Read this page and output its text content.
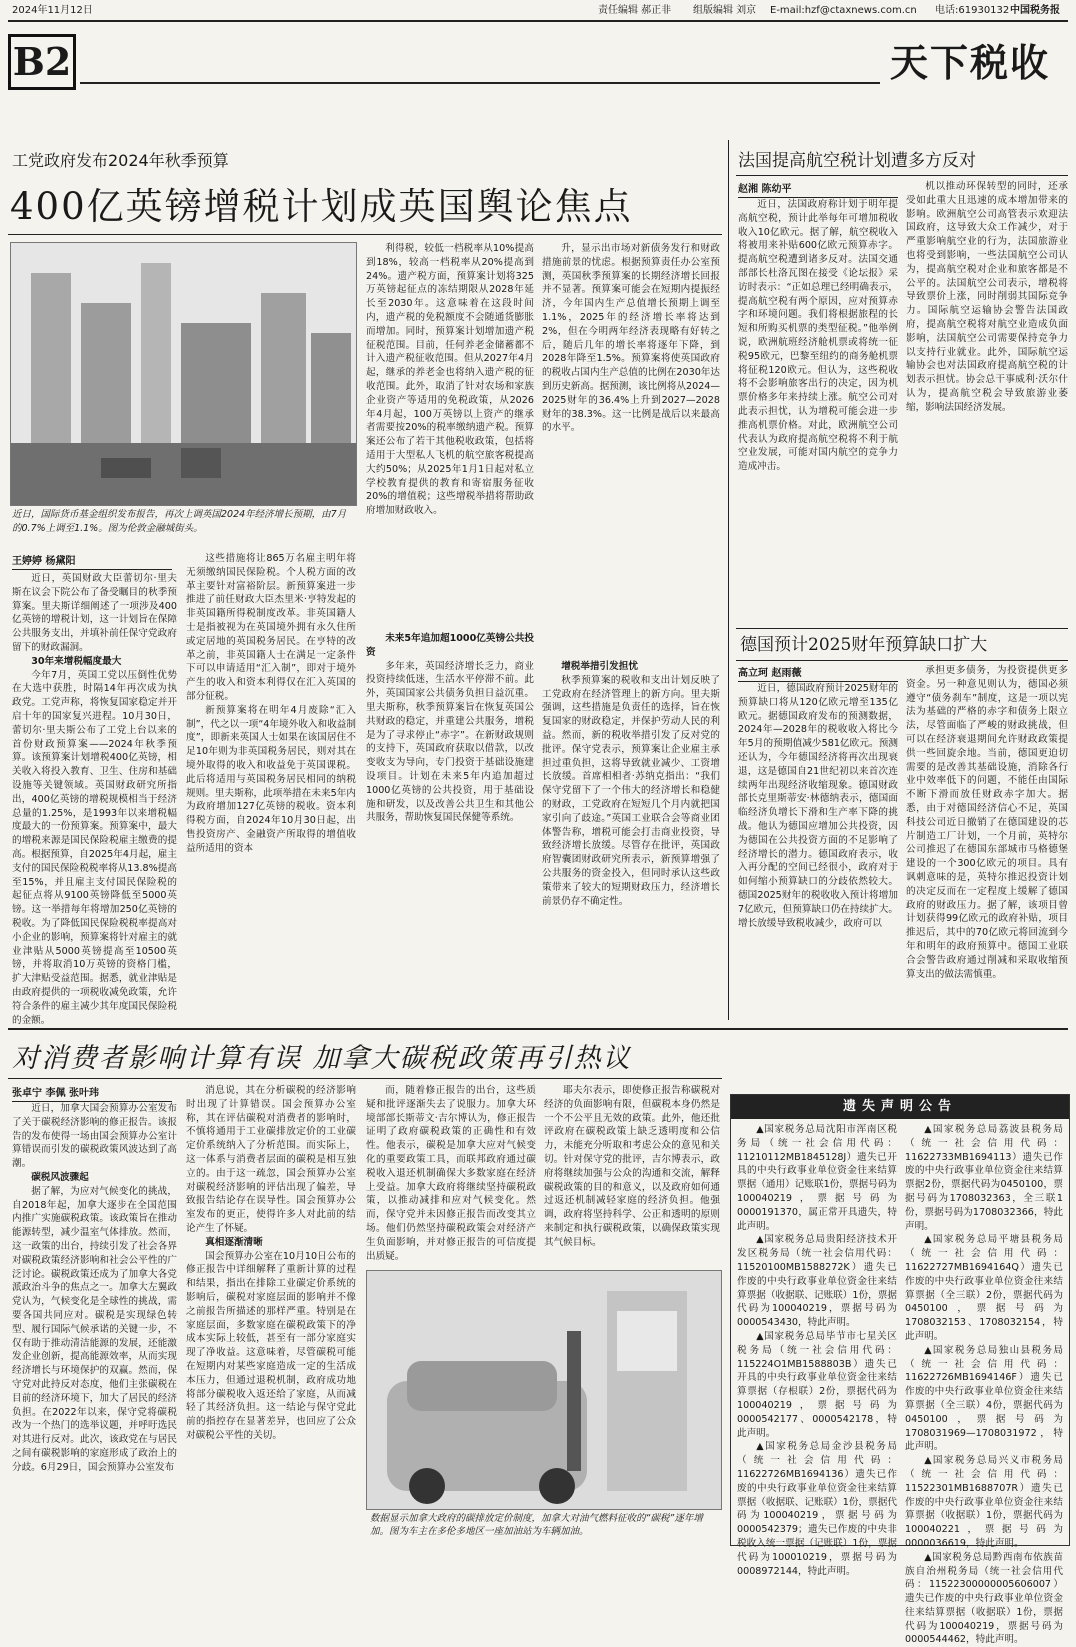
2024年11月12日	责任编辑 郝正非 组版编辑 刘京 E-mail:hzf@ctaxnews.com.cn 电话:61930132 中国税务报
B2	天下税收
工党政府发布2024年秋季预算
400亿英镑增税计划成英国舆论焦点
近日，国际货币基金组织发布报告，再次上调英国2024年经济增长预期，由7月的0.7%上调至1.1%。图为伦敦金融城街头。

利得税，较低一档税率从10%提高到18%，较高一档税率从20%提高到24%。遗产税方面，预算案计划将325万英镑起征点的冻结期限从2028年延长至2030年。这意味着在这段时间内，遗产税的免税额度不会随通货膨胀而增加。同时，预算案计划增加遗产税征税范围。目前，任何养老金储蓄都不计入遗产税征收范围。但从2027年4月起，继承的养老金也将纳入遗产税的征收范围。此外，取消了针对农场和家族企业资产等适用的免税政策，从2026年4月起，100万英镑以上资产的继承者需要按20%的税率缴纳遗产税。预算案还公布了若干其他税收政策，包括将适用于大型私人飞机的航空旅客税提高大约50%；从2025年1月1日起对私立学校教育提供的教育和寄宿服务征收20%的增值税；这些增税举措将帮助政府增加财政收入。

未来5年追加超1000亿英镑公共投资

多年来，英国经济增长乏力，商业投资持续低迷，生活水平停滞不前。此外，英国国家公共债务负担日益沉重。里夫斯称，秋季预算案旨在恢复英国公共财政的稳定，并重建公共服务，增税是为了寻求停止“赤字”。在新财政规则的支持下，英国政府获取以借款，以改变收支为导向，专门投资于基础设施建设项目。计划在未来5年内追加超过1000亿英镑的公共投资，用于基础设施和研发，以及改善公共卫生和其他公共服务，帮助恢复国民保健等系统。

升，显示出市场对新债务发行和财政措施前景的忧虑。根据预算责任办公室预测，英国秋季预算案的长期经济增长回报并不显著。预算案可能会在短期内提振经济，今年国内生产总值增长预期上调至1.1%，2025年的经济增长率将达到2%，但在今明两年经济表现略有好转之后，随后几年的增长率将逐年下降，到2028年降至1.5%。预算案将使英国政府的税收占国内生产总值的比例在2030年达到历史新高。据预测，该比例将从2024—2025财年的36.4%上升到2027—2028财年的38.3%。这一比例是战后以来最高的水平。

增税举措引发担忧

秋季预算案的税收和支出计划反映了工党政府在经济管理上的新方向。里夫斯强调，这些措施是负责任的选择，旨在恢复国家的财政稳定，并保护劳动人民的利益。然而，新的税收举措引发了反对党的批评。保守党表示，预算案让企业雇主承担过重负担，这将导致就业减少、工资增长放缓。首席相相者·苏纳克指出：“我们保守党留下了一个伟大的经济增长和稳健的财政，工党政府在短短几个月内就把国家引向了歧途。”英国工业联合会等商业团体警告称，增税可能会打击商业投资，导致经济增长放缓。尽管存在批评，英国政府智囊团财政研究所表示，新预算增强了公共服务的资金投入，但同时承认这些政策带来了较大的短期财政压力，经济增长前景仍存不确定性。

王婷婷 杨黛阳

近日，英国财政大臣蕾切尔·里夫斯在议会下院公布了备受瞩目的秋季预算案。里夫斯详细阐述了一项涉及400亿英镑的增税计划，这一计划旨在保障公共服务支出，并填补前任保守党政府留下的财政漏洞。

30年来增税幅度最大

今年7月，英国工党以压倒性优势在大选中获胜，时隔14年再次成为执政党。工党声称，将恢复国家稳定并开启十年的国家复兴进程。10月30日，蕾切尔·里夫斯公布了工党上台以来的首份财政预算案——2024年秋季预算。该预算案计划增税400亿英镑，相关收入将投入教育、卫生、住房和基础设施等关键领域。英国财政研究所指出，400亿英镑的增税规模相当于经济总量的1.25%，是1993年以来增税幅度最大的一份预算案。预算案中，最大的增税来源是国民保险税雇主缴费的提高。根据预算，自2025年4月起，雇主支付的国民保险税税率将从13.8%提高至15%，并且雇主支付国民保险税的起征点将从9100英镑降低至5000英镑。这一举措每年将增加250亿英镑的税收。为了降低国民保险税税率提高对小企业的影响，预算案将针对雇主的就业津贴从5000英镑提高至10500英镑，并将取消10万英镑的资格门槛，扩大津贴受益范围。据悉，就业津贴是由政府提供的一项税收减免政策，允许符合条件的雇主减少其年度国民保险税的金额。

这些措施将让865万名雇主明年将无须缴纳国民保险税。个人税方面的改革主要针对富裕阶层。新预算案进一步推进了前任财政大臣杰里米·亨特发起的非英国籍所得税制度改革。非英国籍人士是指被视为在英国境外拥有永久住所或定居地的英国税务居民。在亨特的改革之前，非英国籍人士在满足一定条件下可以申请适用“汇入制”，即对于境外产生的收入和资本利得仅在汇入英国的部分征税。

新预算案将在明年4月废除“汇入制”，代之以一项“4年境外收入和收益制度”，即新来英国人士如果在该国居住不足10年则为非英国税务居民，则对其在境外取得的收入和收益免于英国课税。此后将适用与英国税务居民相同的纳税规则。里夫斯称，此项举措在未来5年内为政府增加127亿英镑的税收。资本利得税方面，自2024年10月30日起，出售投资房产、金融资产所取得的增值收益所适用的资本

法国提高航空税计划遭多方反对
赵湘 陈幼平

近日，法国政府称计划于明年提高航空税，预计此举每年可增加税收收入10亿欧元。据了解，航空税收入将被用来补贴600亿欧元预算赤字。提高航空税遭到诸多反对。法国交通部部长杜洛瓦图在接受《论坛报》采访时表示：“正如总理已经明确表示，提高航空税有两个原因，应对预算赤字和环境问题。我们将根据旅程的长短和所购买机票的类型征税。”他举例说，欧洲航班经济舱机票或将统一征税95欧元，巴黎至纽约的商务舱机票将征税120欧元。但认为，这些税收将不会影响旅客出行的决定，因为机票价格多年来持续上涨。航空公司对此表示担忧，认为增税可能会进一步推高机票价格。对此，欧洲航空公司代表认为政府提高航空税将不利于航空业发展，可能对国内航空的竞争力造成冲击。

机以推动环保转型的同时，还承受如此重大且迅速的成本增加带来的影响。欧洲航空公司高管表示欢迎法国政府，这导致大众工作减少，对于严重影响航空业的行为，法国旅游业也将受到影响，一些法国航空公司认为，提高航空税对企业和旅客都是不公平的。法国航空公司表示，增税将导致票价上涨，同时削弱其国际竞争力。国际航空运输协会警告法国政府，提高航空税将对航空业造成负面影响，法国航空公司需要保持竞争力以支持行业就业。此外，国际航空运输协会也对法国政府提高航空税的计划表示担忧。协会总干事威利·沃尔什认为，提高航空税会导致旅游业萎缩，影响法国经济发展。

德国预计2025财年预算缺口扩大
高立珂 赵雨薇

近日，德国政府预计2025财年的预算缺口将从120亿欧元增至135亿欧元。据德国政府发布的预测数据，2024年—2028年的税收收入将比今年5月的预期值减少581亿欧元。预测还认为，今年德国经济将再次出现衰退，这是德国自21世纪初以来首次连续两年出现经济收缩现象。德国财政部长克里斯蒂安·林德纳表示，德国面临经济负增长下滑和生产率下降的挑战。他认为德国应增加公共投资，因为德国在公共投资方面的不足影响了经济增长的潜力。德国政府表示，收入再分配的空间已经很小，政府对于如何缩小预算缺口的分歧依然较大。德国2025财年的税收收入预计将增加7亿欧元，但预算缺口仍在持续扩大。增长放缓导致税收减少，政府可以

承担更多债务，为投资提供更多资金。另一种意见则认为，德国必须遵守“债务刹车”制度，这是一项以宪法为基础的严格的赤字和债务上限立法，尽管面临了严峻的财政挑战，但可以在经济衰退期间允许财政政策提供一些回旋余地。当前，德国更迫切需要的是改善其基础设施，消除各行业中效率低下的问题，不能任由国际不断下滑而放任财政赤字加大。据悉，由于对德国经济信心不足，英国科技公司近日撤销了在德国建设的芯片制造工厂计划，一个月前，英特尔公司推迟了在德国东部城市马格德堡建设的一个300亿欧元的项目。具有讽刺意味的是，英特尔推迟投资计划的决定反而在一定程度上缓解了德国政府的财政压力。据了解，该项目曾计划获得99亿欧元的政府补贴，项目推迟后，其中的70亿欧元将回流到今年和明年的政府预算中。德国工业联合会警告政府通过削减和采取收缩预算支出的做法需慎重。

对消费者影响计算有误 加拿大碳税政策再引热议
张卓宁 李佩 张叶玮

近日，加拿大国会预算办公室发布了关于碳税经济影响的修正报告。该报告的发布使得一场由国会预算办公室计算错误而引发的碳税政策风波达到了高潮。

碳税风波骤起

据了解，为应对气候变化的挑战，自2018年起，加拿大逐步在全国范围内推广实施碳税政策。该政策旨在推动能源转型，减少温室气体排放。然而，这一政策的出台，持续引发了社会各界对碳税政策经济影响和社会公平性的广泛讨论。碳税政策还成为了加拿大各党派政治斗争的焦点之一。加拿大左翼政党认为，气候变化是全球性的挑战，需要各国共同应对。碳税是实现绿色转型、履行国际气候承诺的关键一步，不仅有助于推动清洁能源的发展，还能激发企业创新，提高能源效率，从而实现经济增长与环境保护的双赢。然而，保守党对此持反对态度，他们主张碳税在目前的经济环境下，加大了居民的经济负担。在2022年以来，保守党将碳税改为一个热门的选举议题，并呼吁选民对其进行反对。此次，该政党在与居民之间有碳税影响的家庭形成了政治上的分歧。6月29日，国会预算办公室发布

消息说，其在分析碳税的经济影响时出现了计算错误。国会预算办公室称，其在评估碳税对消费者的影响时，不慎将通用于工业碳排放定价的工业碳定价系统纳入了分析范围。而实际上，这一体系与消费者层面的碳税是相互独立的。由于这一疏忽，国会预算办公室对碳税经济影响的评估出现了偏差，导致报告结论存在误导性。国会预算办公室发布的更正，使得许多人对此前的结论产生了怀疑。

真相逐渐清晰

国会预算办公室在10月10日公布的修正报告中详细解释了重新计算的过程和结果，指出在排除工业碳定价系统的影响后，碳税对家庭层面的影响并不像之前报告所描述的那样严重。特别是在家庭层面，多数家庭在碳税政策下的净成本实际上较低，甚至有一部分家庭实现了净收益。这意味着，尽管碳税可能在短期内对某些家庭造成一定的生活成本压力，但通过退税机制，政府成功地将部分碳税收入返还给了家庭，从而减轻了其经济负担。这一结论与保守党此前的指控存在显著差异，也回应了公众对碳税公平性的关切。

而，随着修正报告的出台，这些质疑和批评逐渐失去了说服力。加拿大环境部部长斯蒂文·吉尔博认为，修正报告证明了政府碳税政策的正确性和有效性。他表示，碳税是加拿大应对气候变化的重要政策工具，而联邦政府通过碳税收入退还机制确保大多数家庭在经济上受益。加拿大政府将继续坚持碳税政策，以推动减排和应对气候变化。然而，保守党并未因修正报告而改变其立场。他们仍然坚持碳税政策会对经济产生负面影响，并对修正报告的可信度提出质疑。

耶夫尔表示，即使修正报告称碳税对经济的负面影响有限，但碳税本身仍然是一个不公平且无效的政策。此外，他还批评政府在碳税政策上缺乏透明度和公信力，未能充分听取和考虑公众的意见和关切。针对保守党的批评，吉尔博表示，政府将继续加强与公众的沟通和交流，解释碳税政策的目的和意义，以及政府如何通过返还机制减轻家庭的经济负担。他强调，政府将坚持科学、公正和透明的原则来制定和执行碳税政策，以确保政策实现其气候目标。

数据显示加拿大政府的碳排放定价制度，加拿大对油气燃料征收的“碳税”逐年增加。图为车主在多伦多地区一座加油站为车辆加油。
遗失声明公告

▲国家税务总局沈阳市浑南区税务局（统一社会信用代码：11210112MB1845128J）遗失已开具的中央行政事业单位资金往来结算票据（通用）记账联1份，票据号码为100040219，票据号码为0000191370，属正常开具遗失，特此声明。

▲国家税务总局贵阳经济技术开发区税务局（统一社会信用代码：11520100MB1588272K）遗失已作废的中央行政事业单位资金往来结算票据（收据联、记账联）1份，票据代码为100040219，票据号码为0000543430，特此声明。

▲国家税务总局毕节市七星关区税务局（统一社会信用代码：115224O1MB1588803B）遗失已开具的中央行政事业单位资金往来结算票据（存根联）2份，票据代码为100040219，票据号码为0000542177、0000542178，特此声明。

▲国家税务总局金沙县税务局（统一社会信用代码：11622726MB1694136）遗失已作废的中央行政事业单位资金往来结算票据（收据联、记账联）1份，票据代码为100040219，票据号码为0000542379；遗失已作废的中央非税收入统一票据（记账联）1份，票据代码为100010219，票据号码为0008972144，特此声明。

▲国家税务总局荔波县税务局（统一社会信用代码：11622733MB1694113）遗失已作废的中央行政事业单位资金往来结算票据2份，票据代码为0450100，票据号码为1708032363，全三联1份，票据号码为1708032366，特此声明。

▲国家税务总局平塘县税务局（统一社会信用代码：11622727MB1694164Q）遗失已作废的中央行政事业单位资金往来结算票据（全三联）2份，票据代码为0450100，票据号码为1708032153、1708032154，特此声明。

▲国家税务总局独山县税务局（统一社会信用代码：11622726MB1694146F）遗失已作废的中央行政事业单位资金往来结算票据（全三联）4份，票据代码为0450100，票据号码为1708031969—1708031972，特此声明。

▲国家税务总局兴义市税务局（统一社会信用代码：11522301MB1688707R）遗失已作废的中央行政事业单位资金往来结算票据（收据联）1份，票据代码为100040221，票据号码为0000036619，特此声明。

▲国家税务总局黔西南布依族苗族自治州税务局（统一社会信用代码：11522300000005606007）遗失已作废的中央行政事业单位资金往来结算票据（收据联）1份，票据代码为100040219，票据号码为0000544462，特此声明。
